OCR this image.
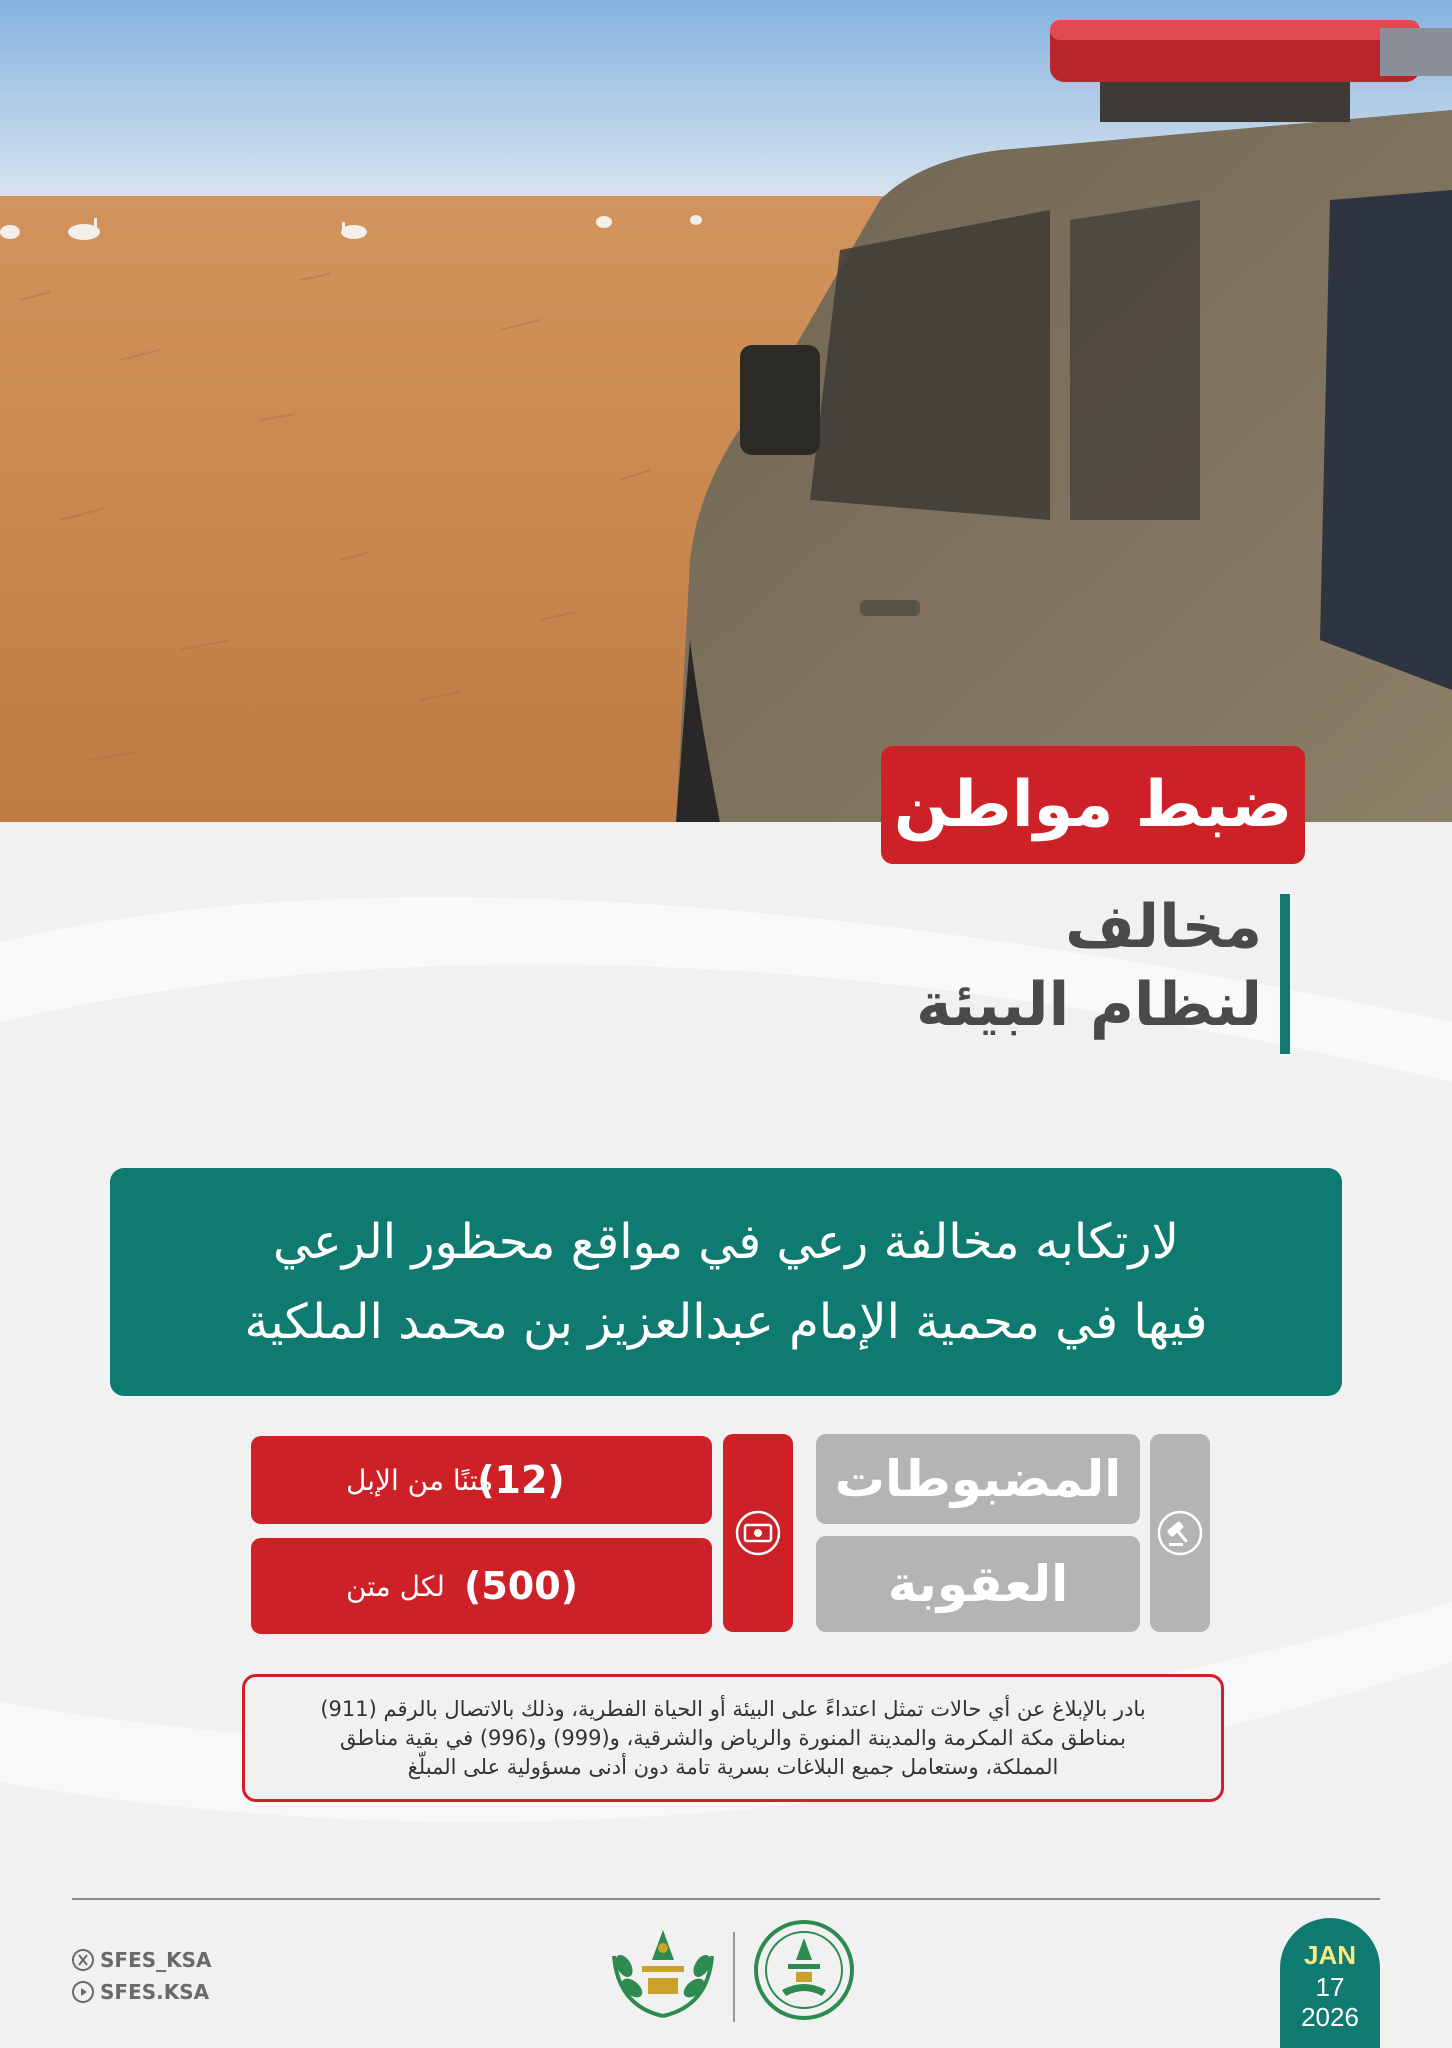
ضبط مواطن
مخالف
لنظام البيئة
لارتكابه مخالفة رعي في مواقع محظور الرعي
فيها في محمية الإمام عبدالعزيز بن محمد الملكية
المضبوطات
العقوبة
(12)
متنًا من الإبل
(500)
لكل متن
بادر بالإبلاغ عن أي حالات تمثل اعتداءً على البيئة أو الحياة الفطرية، وذلك بالاتصال بالرقم (911)
بمناطق مكة المكرمة والمدينة المنورة والرياض والشرقية، و(999) و(996) في بقية مناطق
المملكة، وستعامل جميع البلاغات بسرية تامة دون أدنى مسؤولية على المبلّغ
SFES_KSA
SFES.KSA
JAN
17
2026
